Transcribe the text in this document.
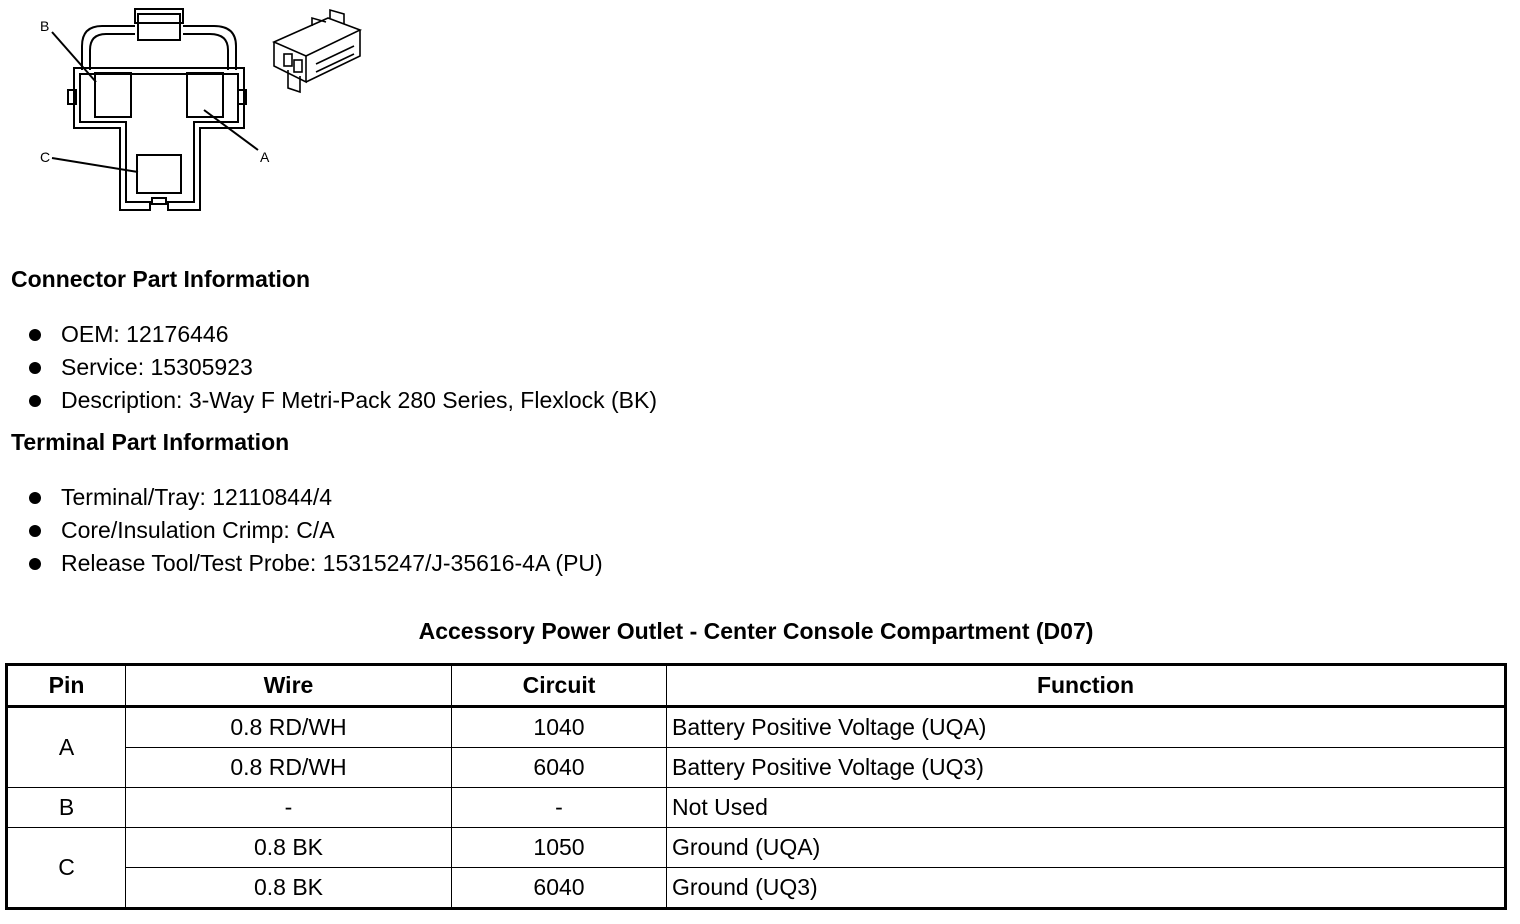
B
A
C
Connector Part Information
OEM: 12176446
Service: 15305923
Description: 3-Way F Metri-Pack 280 Series, Flexlock (BK)
Terminal Part Information
Terminal/Tray: 12110844/4
Core/Insulation Crimp: C/A
Release Tool/Test Probe: 15315247/J-35616-4A (PU)
Accessory Power Outlet - Center Console Compartment (D07)
Pin	Wire	Circuit	Function
A	0.8 RD/WH	1040	Battery Positive Voltage (UQA)
	0.8 RD/WH	6040	Battery Positive Voltage (UQ3)
B	-	-	Not Used
C	0.8 BK	1050	Ground (UQA)
	0.8 BK	6040	Ground (UQ3)
